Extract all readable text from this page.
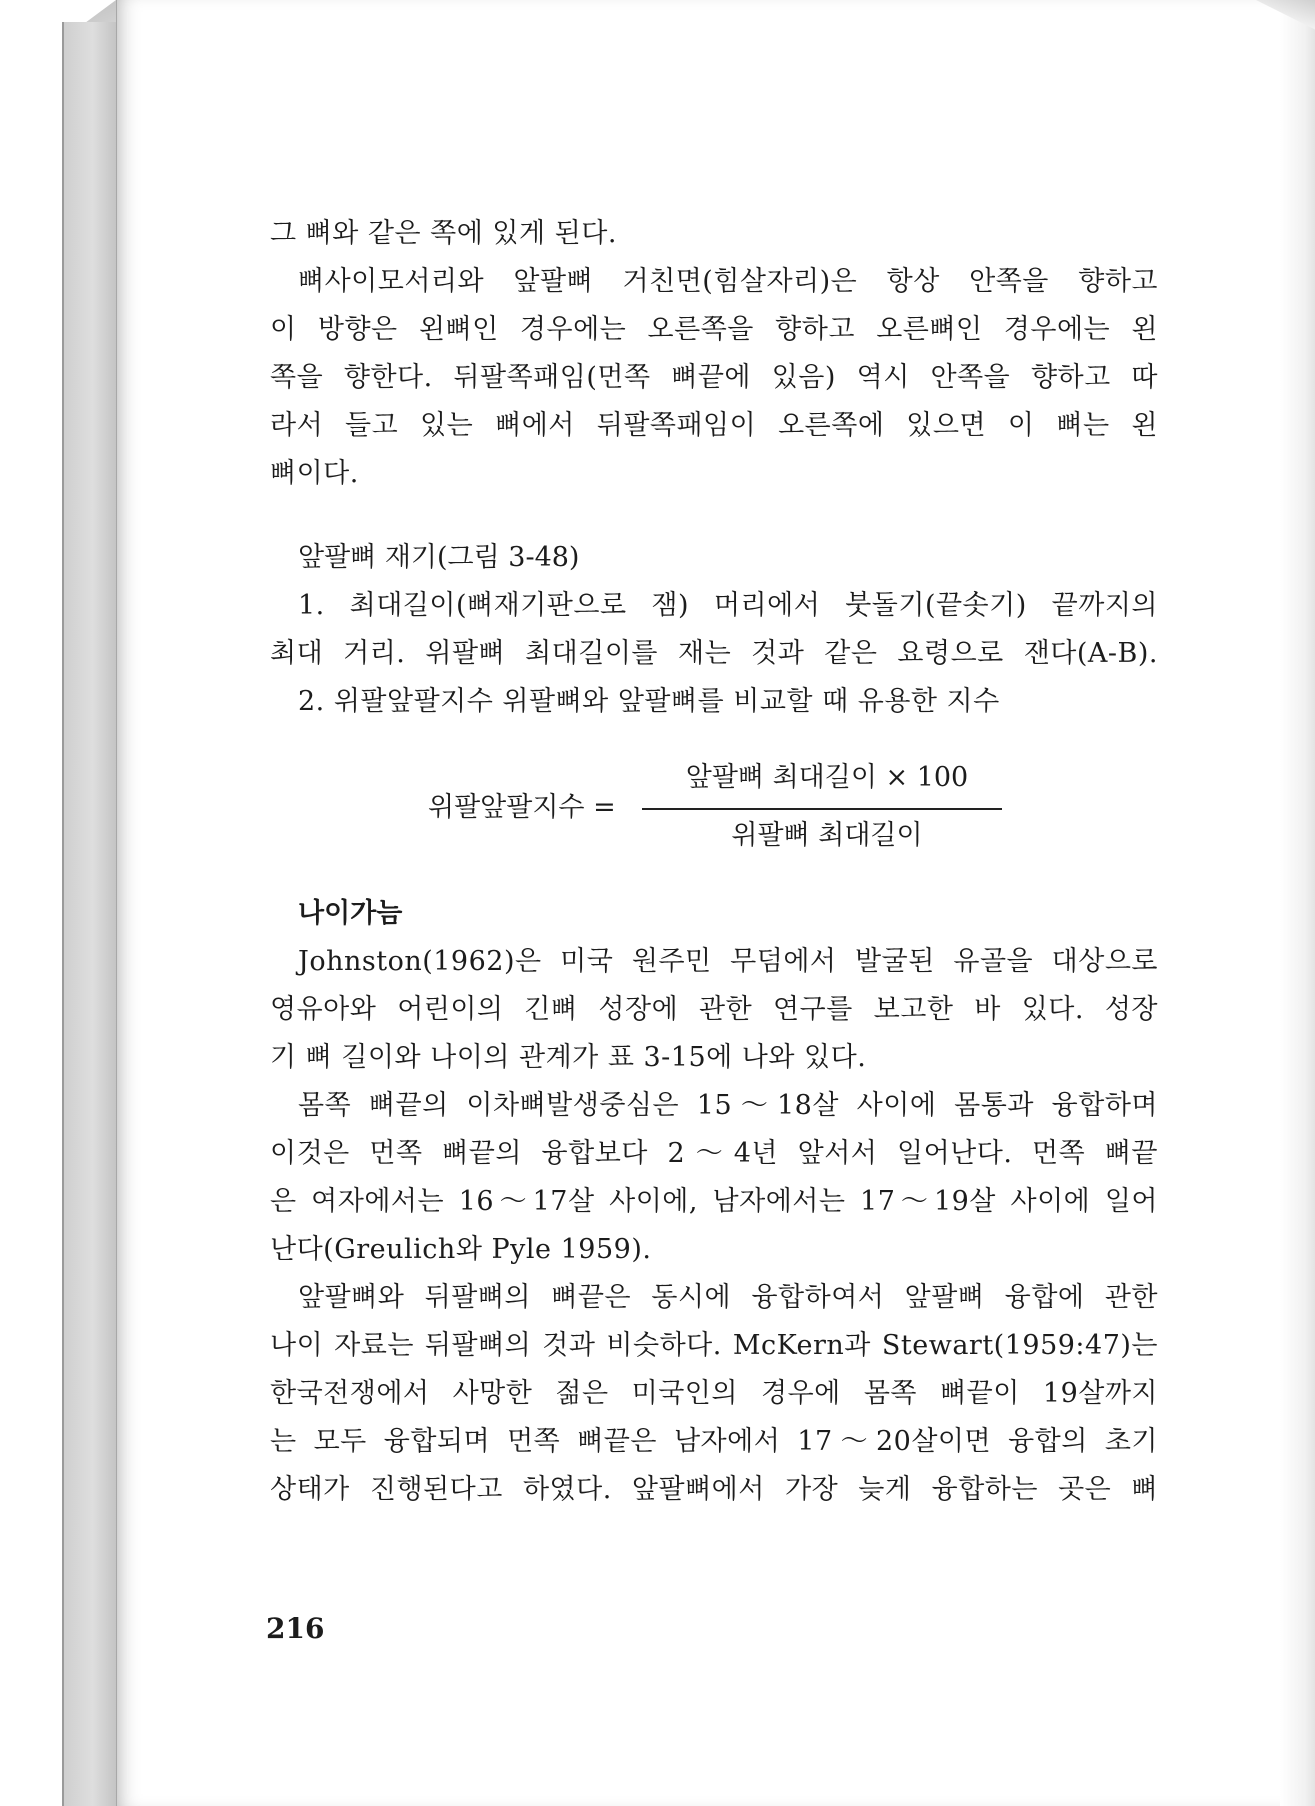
그 뼈와 같은 쪽에 있게 된다.
뼈사이모서리와 앞팔뼈 거친면(힘살자리)은 항상 안쪽을 향하고
이 방향은 왼뼈인 경우에는 오른쪽을 향하고 오른뼈인 경우에는 왼
쪽을 향한다. 뒤팔쪽패임(먼쪽 뼈끝에 있음) 역시 안쪽을 향하고 따
라서 들고 있는 뼈에서 뒤팔쪽패임이 오른쪽에 있으면 이 뼈는 왼
뼈이다.
앞팔뼈 재기(그림 3-48)
1. 최대길이(뼈재기판으로 잼) 머리에서 붓돌기(끝솟기) 끝까지의
최대 거리. 위팔뼈 최대길이를 재는 것과 같은 요령으로 잰다(A-B).
2. 위팔앞팔지수 위팔뼈와 앞팔뼈를 비교할 때 유용한 지수
위팔앞팔지수 =
앞팔뼈 최대길이 × 100
위팔뼈 최대길이
나이가늠
Johnston(1962)은 미국 원주민 무덤에서 발굴된 유골을 대상으로
영유아와 어린이의 긴뼈 성장에 관한 연구를 보고한 바 있다. 성장
기 뼈 길이와 나이의 관계가 표 3-15에 나와 있다.
몸쪽 뼈끝의 이차뼈발생중심은 15～18살 사이에 몸통과 융합하며
이것은 먼쪽 뼈끝의 융합보다 2～4년 앞서서 일어난다. 먼쪽 뼈끝
은 여자에서는 16～17살 사이에, 남자에서는 17～19살 사이에 일어
난다(Greulich와 Pyle 1959).
앞팔뼈와 뒤팔뼈의 뼈끝은 동시에 융합하여서 앞팔뼈 융합에 관한
나이 자료는 뒤팔뼈의 것과 비슷하다. McKern과 Stewart(1959:47)는
한국전쟁에서 사망한 젊은 미국인의 경우에 몸쪽 뼈끝이 19살까지
는 모두 융합되며 먼쪽 뼈끝은 남자에서 17～20살이면 융합의 초기
상태가 진행된다고 하였다. 앞팔뼈에서 가장 늦게 융합하는 곳은 뼈
216
